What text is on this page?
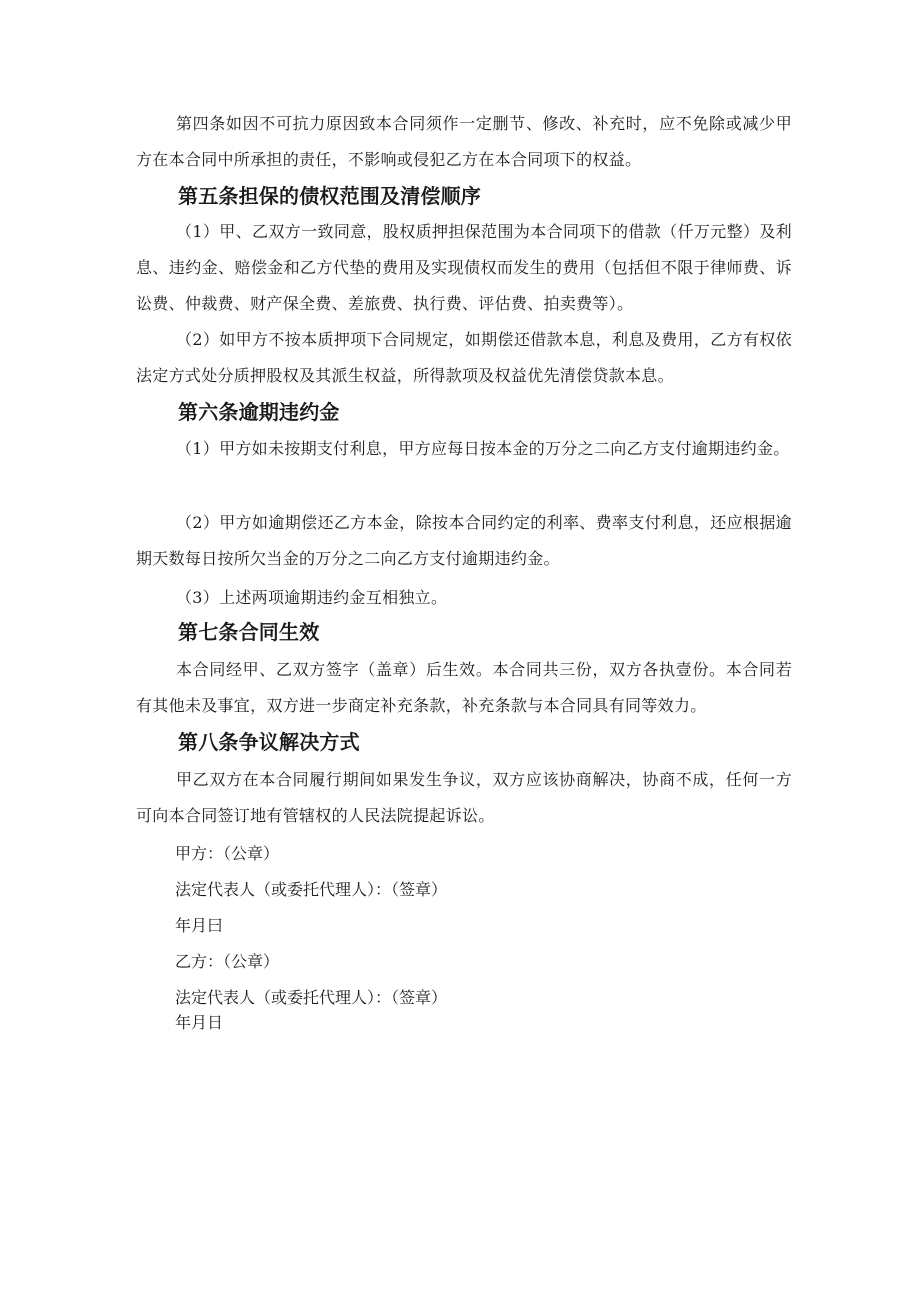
第四条如因不可抗力原因致本合同须作一定删节、修改、补充时，应不免除或减少甲方在本合同中所承担的责任，不影响或侵犯乙方在本合同项下的权益。

第五条担保的债权范围及清偿顺序

（1）甲、乙双方一致同意，股权质押担保范围为本合同项下的借款（仟万元整）及利息、违约金、赔偿金和乙方代垫的费用及实现债权而发生的费用（包括但不限于律师费、诉讼费、仲裁费、财产保全费、差旅费、执行费、评估费、拍卖费等）。

（2）如甲方不按本质押项下合同规定，如期偿还借款本息，利息及费用，乙方有权依法定方式处分质押股权及其派生权益，所得款项及权益优先清偿贷款本息。

第六条逾期违约金

（1）甲方如未按期支付利息，甲方应每日按本金的万分之二向乙方支付逾期违约金。

（2）甲方如逾期偿还乙方本金，除按本合同约定的利率、费率支付利息，还应根据逾期天数每日按所欠当金的万分之二向乙方支付逾期违约金。

（3）上述两项逾期违约金互相独立。

第七条合同生效

本合同经甲、乙双方签字（盖章）后生效。本合同共三份，双方各执壹份。本合同若有其他未及事宜，双方进一步商定补充条款，补充条款与本合同具有同等效力。

第八条争议解决方式

甲乙双方在本合同履行期间如果发生争议，双方应该协商解决，协商不成，任何一方可向本合同签订地有管辖权的人民法院提起诉讼。

甲方：（公章）

法定代表人（或委托代理人）：（签章）

年月曰

乙方：（公章）

法定代表人（或委托代理人）：（签章）

年月日
